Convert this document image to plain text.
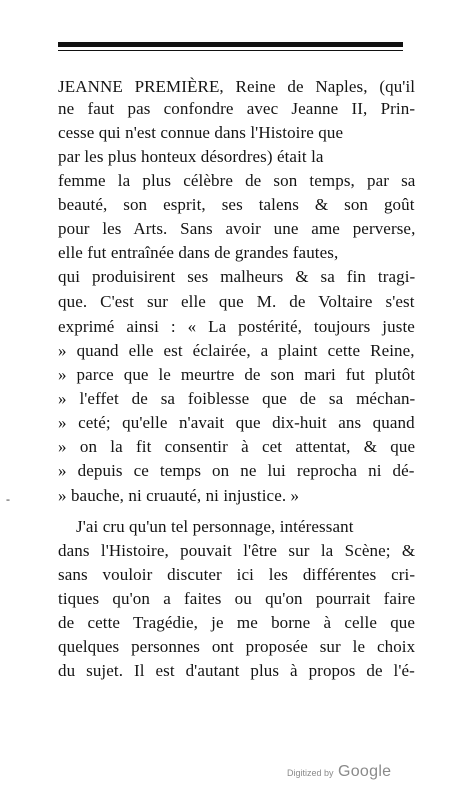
JEANNE PREMIÈRE, Reine de Naples, (qu'il
ne faut pas confondre avec Jeanne II, Prin-
cesse qui n'est connue dans l'Histoire que
par les plus honteux désordres) était la
femme la plus célèbre de son temps, par sa
beauté, son esprit, ses talens & son goût
pour les Arts. Sans avoir une ame perverse,
elle fut entraînée dans de grandes fautes,
qui produisirent ses malheurs & sa fin tragi-
que. C'est sur elle que M. de Voltaire s'est
exprimé ainsi : « La postérité, toujours juste
» quand elle est éclairée, a plaint cette Reine,
» parce que le meurtre de son mari fut plutôt
» l'effet de sa foiblesse que de sa méchan-
» ceté; qu'elle n'avait que dix-huit ans quand
» on la fit consentir à cet attentat, & que
» depuis ce temps on ne lui reprocha ni dé-
» bauche, ni cruauté, ni injustice. »
J'ai cru qu'un tel personnage, intéressant
dans l'Histoire, pouvait l'être sur la Scène; &
sans vouloir discuter ici les différentes cri-
tiques qu'on a faites ou qu'on pourrait faire
de cette Tragédie, je me borne à celle que
quelques personnes ont proposée sur le choix
du sujet. Il est d'autant plus à propos de l'é-
-
Digitized by Google
